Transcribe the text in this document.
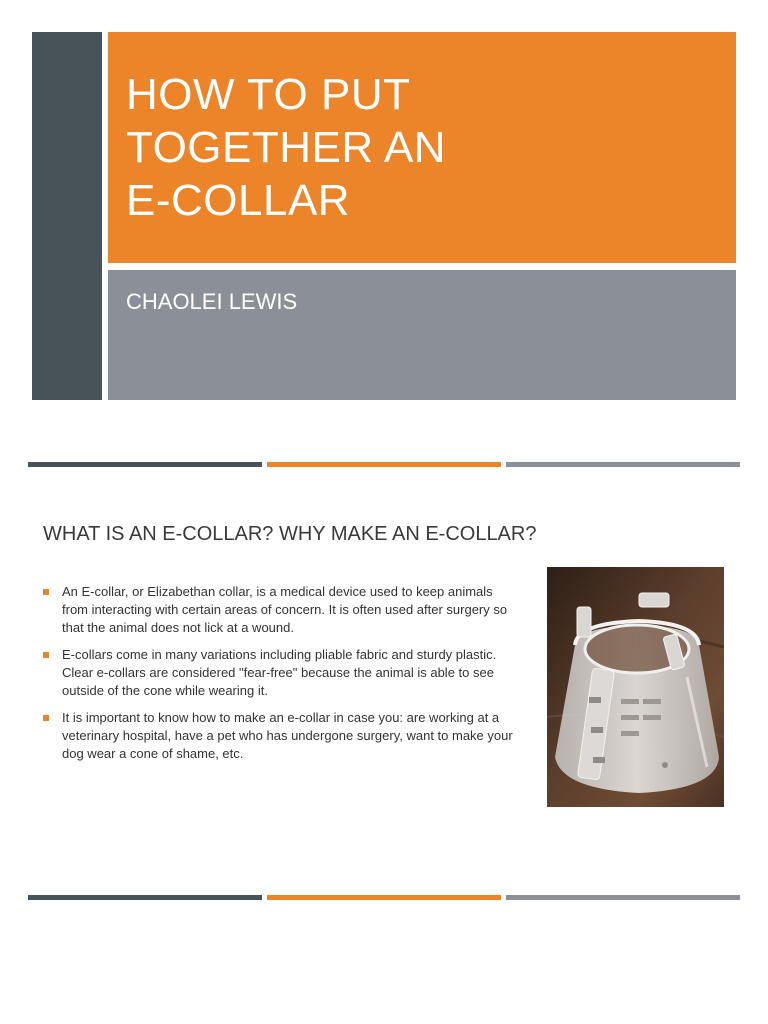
HOW TO PUT
TOGETHER AN
E-COLLAR

CHAOLEI LEWIS

WHAT IS AN E-COLLAR? WHY MAKE AN E-COLLAR?
An E-collar, or Elizabethan collar, is a medical device used to keep animals from interacting with certain areas of concern. It is often used after surgery so that the animal does not lick at a wound.
E-collars come in many variations including pliable fabric and sturdy plastic. Clear e-collars are considered "fear-free" because the animal is able to see outside of the cone while wearing it.
It is important to know how to make an e-collar in case you: are working at a veterinary hospital, have a pet who has undergone surgery, want to make your dog wear a cone of shame, etc.
